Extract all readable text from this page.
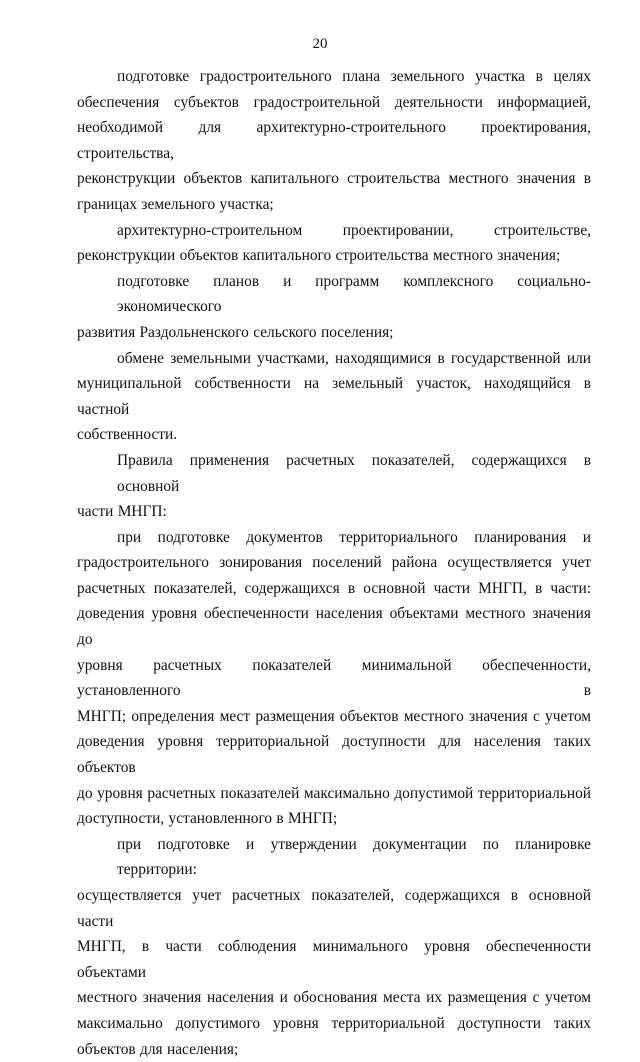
20

подготовке градостроительного плана земельного участка в целях
обеспечения субъектов градостроительной деятельности информацией,
необходимой для архитектурно-строительного проектирования, строительства,
реконструкции объектов капитального строительства местного значения в
границах земельного участка;

архитектурно-строительном проектировании, строительстве,
реконструкции объектов капитального строительства местного значения;

подготовке планов и программ комплексного социально-экономического
развития Раздольненского сельского поселения;

обмене земельными участками, находящимися в государственной или
муниципальной собственности на земельный участок, находящийся в частной
собственности.

Правила применения расчетных показателей, содержащихся в основной
части МНГП:

при подготовке документов территориального планирования и
градостроительного зонирования поселений района осуществляется учет
расчетных показателей, содержащихся в основной части МНГП, в части:
доведения уровня обеспеченности населения объектами местного значения до
уровня расчетных показателей минимальной обеспеченности, установленного в
МНГП; определения мест размещения объектов местного значения с учетом
доведения уровня территориальной доступности для населения таких объектов
до уровня расчетных показателей максимально допустимой территориальной
доступности, установленного в МНГП;

при подготовке и утверждении документации по планировке территории:
осуществляется учет расчетных показателей, содержащихся в основной части
МНГП, в части соблюдения минимального уровня обеспеченности объектами
местного значения населения и обоснования места их размещения с учетом
максимально допустимого уровня территориальной доступности таких
объектов для населения;
